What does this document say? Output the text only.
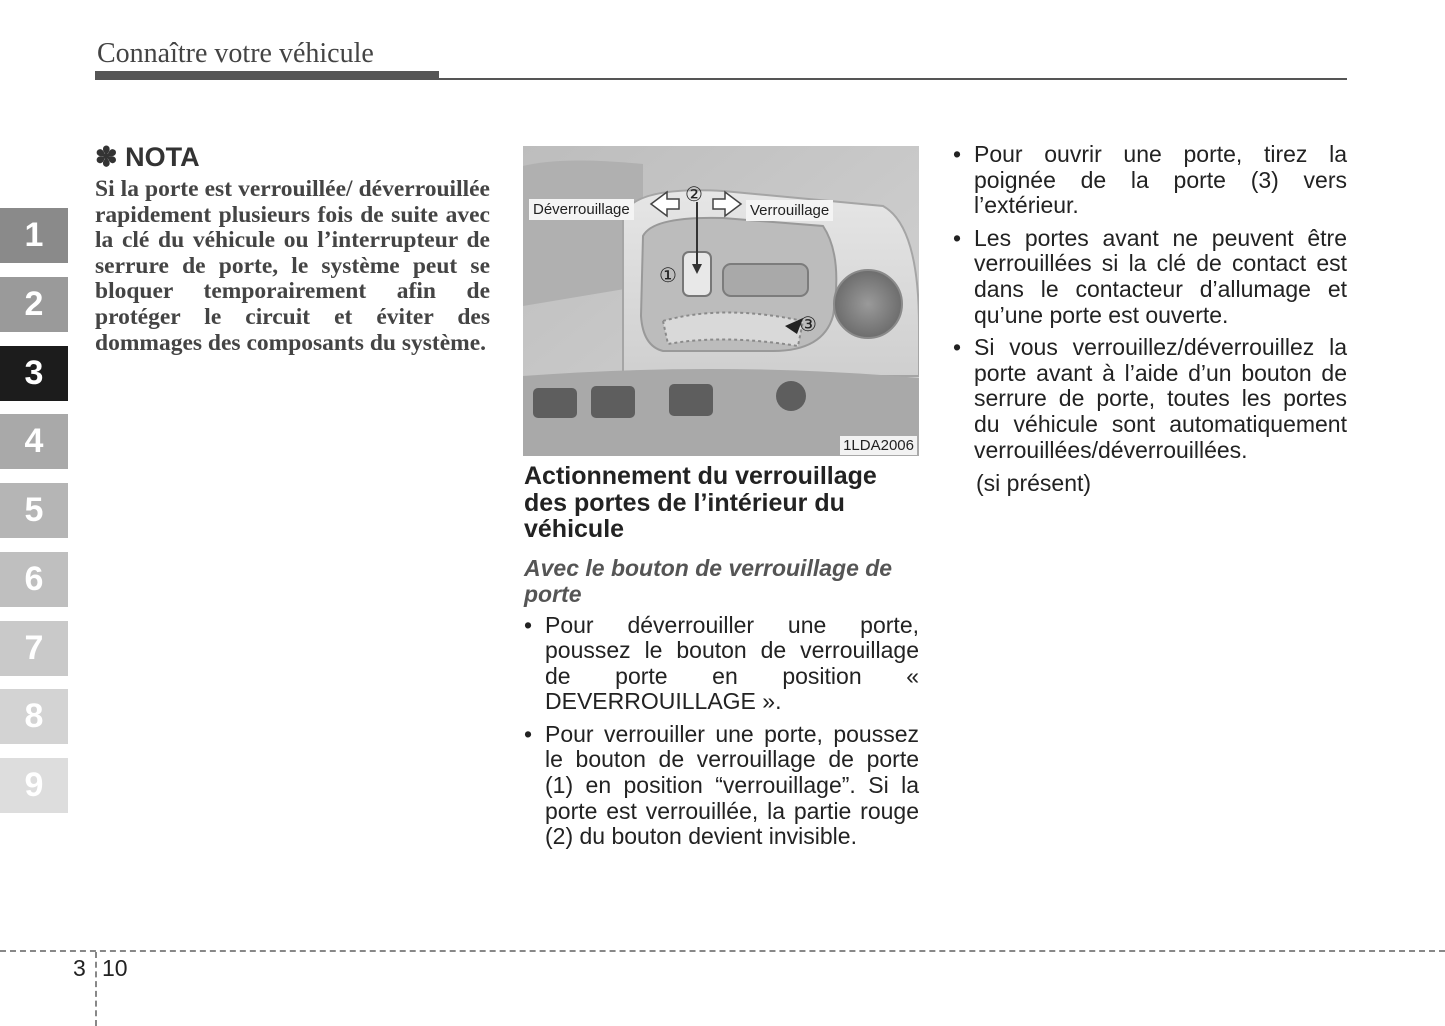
Connaître votre véhicule
1
2
3
4
5
6
7
8
9
✽ NOTA
Si la porte est verrouillée/ déverrouillée rapidement plusieurs fois de suite avec la clé du véhicule ou l’interrupteur de serrure de porte, le système peut se bloquer temporairement afin de protéger le circuit et éviter des dommages des composants du système.
Déverrouillage	Verrouillage
②
①
③
1LDA2006
Actionnement du verrouillage des portes de l’intérieur du véhicule
Avec le bouton de verrouillage de porte
• Pour déverrouiller une porte, poussez le bouton de verrouillage de porte en position « DEVERROUILLAGE ».
• Pour verrouiller une porte, poussez le bouton de verrouillage de porte (1) en position “verrouillage”. Si la porte est verrouillée, la partie rouge (2) du bouton devient invisible.
• Pour ouvrir une porte, tirez la poignée de la porte (3) vers l’extérieur.
• Les portes avant ne peuvent être verrouillées si la clé de contact est dans le contacteur d’allumage et qu’une porte est ouverte.
• Si vous verrouillez/déverrouillez la porte avant à l’aide d’un bouton de serrure de porte, toutes les portes du véhicule sont automatiquement verrouillées/déverrouillées.
(si présent)
3 10
